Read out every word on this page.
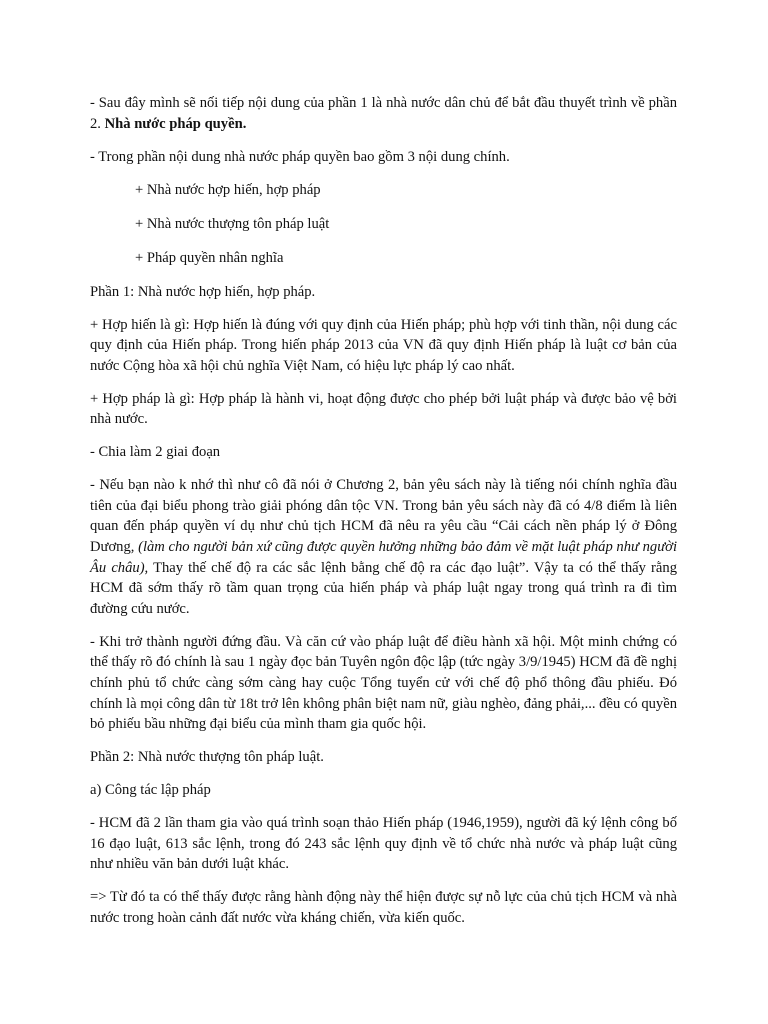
- Sau đây mình sẽ nối tiếp nội dung của phần 1 là nhà nước dân chủ để bắt đầu thuyết trình về phần 2. Nhà nước pháp quyền.

- Trong phần nội dung nhà nước pháp quyền bao gồm 3 nội dung chính.

+ Nhà nước hợp hiến, hợp pháp

+ Nhà nước thượng tôn pháp luật

+ Pháp quyền nhân nghĩa

Phần 1: Nhà nước hợp hiến, hợp pháp.

+ Hợp hiến là gì: Hợp hiến là đúng với quy định của Hiến pháp; phù hợp với tinh thần, nội dung các quy định của Hiến pháp. Trong hiến pháp 2013 của VN đã quy định Hiến pháp là luật cơ bản của nước Cộng hòa xã hội chủ nghĩa Việt Nam, có hiệu lực pháp lý cao nhất.

+ Hợp pháp là gì: Hợp pháp là hành vi, hoạt động được cho phép bởi luật pháp và được bảo vệ bởi nhà nước.

- Chia làm 2 giai đoạn

- Nếu bạn nào k nhớ thì như cô đã nói ở Chương 2, bản yêu sách này là tiếng nói chính nghĩa đầu tiên của đại biểu phong trào giải phóng dân tộc VN. Trong bản yêu sách này đã có 4/8 điểm là liên quan đến pháp quyền ví dụ như chủ tịch HCM đã nêu ra yêu cầu “Cải cách nền pháp lý ở Đông Dương, (làm cho người bản xứ cũng được quyền hưởng những bảo đảm về mặt luật pháp như người Âu châu), Thay thế chế độ ra các sắc lệnh bằng chế độ ra các đạo luật”. Vậy ta có thể thấy rằng HCM đã sớm thấy rõ tầm quan trọng của hiến pháp và pháp luật ngay trong quá trình ra đi tìm đường cứu nước.

- Khi trở thành người đứng đầu. Và căn cứ vào pháp luật để điều hành xã hội. Một minh chứng có thể thấy rõ đó chính là sau 1 ngày đọc bản Tuyên ngôn độc lập (tức ngày 3/9/1945) HCM đã đề nghị chính phủ tổ chức càng sớm càng hay cuộc Tổng tuyển cử với chế độ phổ thông đầu phiếu. Đó chính là mọi công dân từ 18t trở lên không phân biệt nam nữ, giàu nghèo, đảng phải,... đều có quyền bỏ phiếu bầu những đại biểu của mình tham gia quốc hội.

Phần 2: Nhà nước thượng tôn pháp luật.

a) Công tác lập pháp

- HCM đã 2 lần tham gia vào quá trình soạn thảo Hiến pháp (1946,1959), người đã ký lệnh công bố 16 đạo luật, 613 sắc lệnh, trong đó 243 sắc lệnh quy định về tổ chức nhà nước và pháp luật cũng như nhiều văn bản dưới luật khác.

=> Từ đó ta có thể thấy được rằng hành động này thể hiện được sự nỗ lực của chủ tịch HCM và nhà nước trong hoàn cảnh đất nước vừa kháng chiến, vừa kiến quốc.
